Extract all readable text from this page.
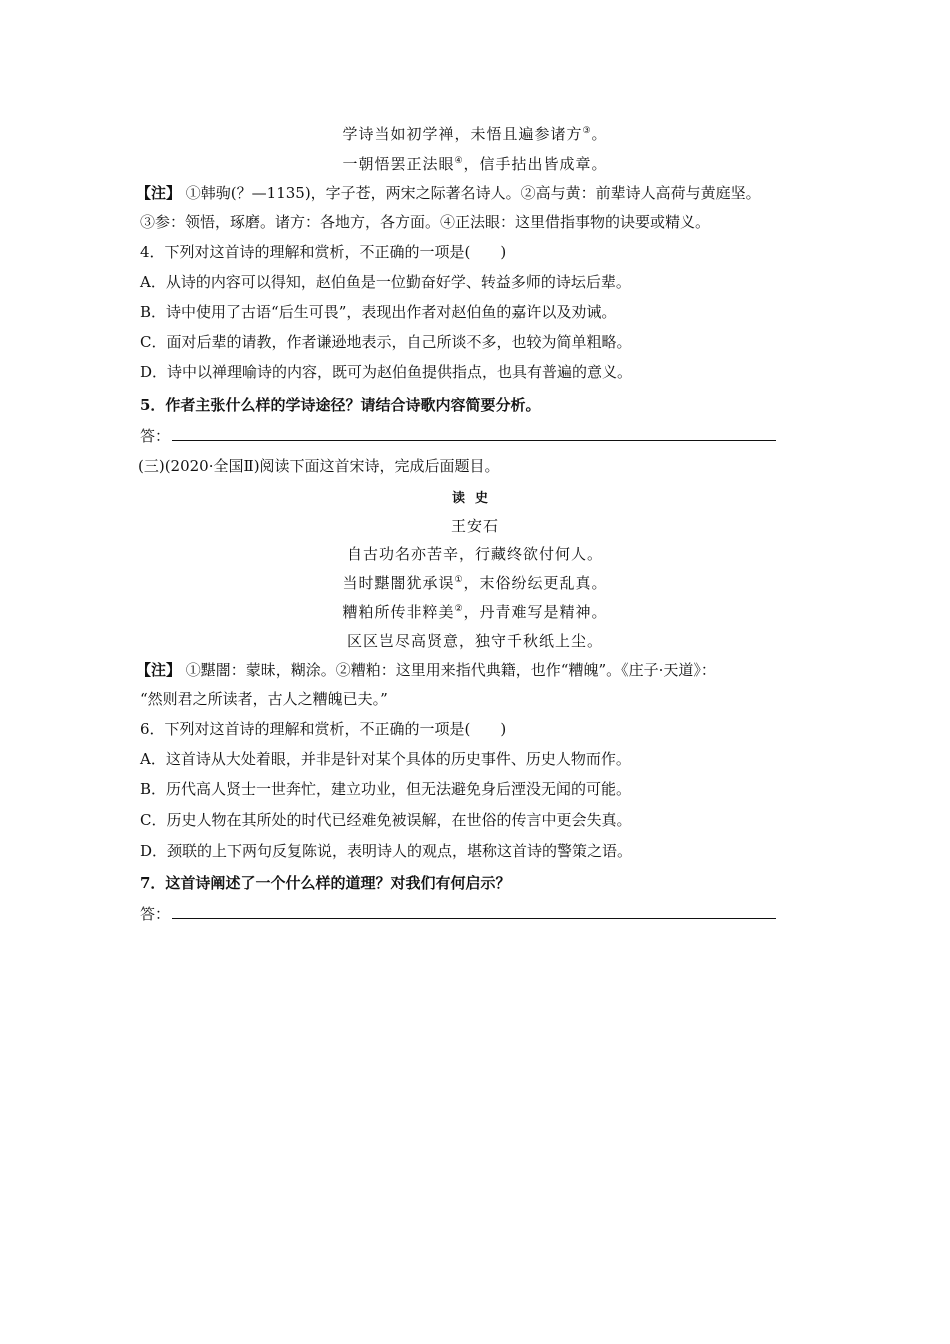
学诗当如初学禅，未悟且遍参诸方③。
一朝悟罢正法眼④，信手拈出皆成章。
【注】 ①韩驹(？—1135)，字子苍，两宋之际著名诗人。②高与黄：前辈诗人高荷与黄庭坚。
③参：领悟，琢磨。诸方：各地方，各方面。④正法眼：这里借指事物的诀要或精义。
4．下列对这首诗的理解和赏析，不正确的一项是(　　)
A．从诗的内容可以得知，赵伯鱼是一位勤奋好学、转益多师的诗坛后辈。
B．诗中使用了古语“后生可畏”，表现出作者对赵伯鱼的嘉许以及劝诫。
C．面对后辈的请教，作者谦逊地表示，自己所谈不多，也较为简单粗略。
D．诗中以禅理喻诗的内容，既可为赵伯鱼提供指点，也具有普遍的意义。
5．作者主张什么样的学诗途径？请结合诗歌内容简要分析。
答：
(三)(2020·全国Ⅱ)阅读下面这首宋诗，完成后面题目。
读史
王安石
自古功名亦苦辛，行藏终欲付何人。
当时黮闇犹承误①，末俗纷纭更乱真。
糟粕所传非粹美②，丹青难写是精神。
区区岂尽高贤意，独守千秋纸上尘。
【注】 ①黮闇：蒙昧，糊涂。②糟粕：这里用来指代典籍，也作“糟魄”。《庄子·天道》：
“然则君之所读者，古人之糟魄已夫。”
6．下列对这首诗的理解和赏析，不正确的一项是(　　)
A．这首诗从大处着眼，并非是针对某个具体的历史事件、历史人物而作。
B．历代高人贤士一世奔忙，建立功业，但无法避免身后湮没无闻的可能。
C．历史人物在其所处的时代已经难免被误解，在世俗的传言中更会失真。
D．颈联的上下两句反复陈说，表明诗人的观点，堪称这首诗的警策之语。
7．这首诗阐述了一个什么样的道理？对我们有何启示？
答：
